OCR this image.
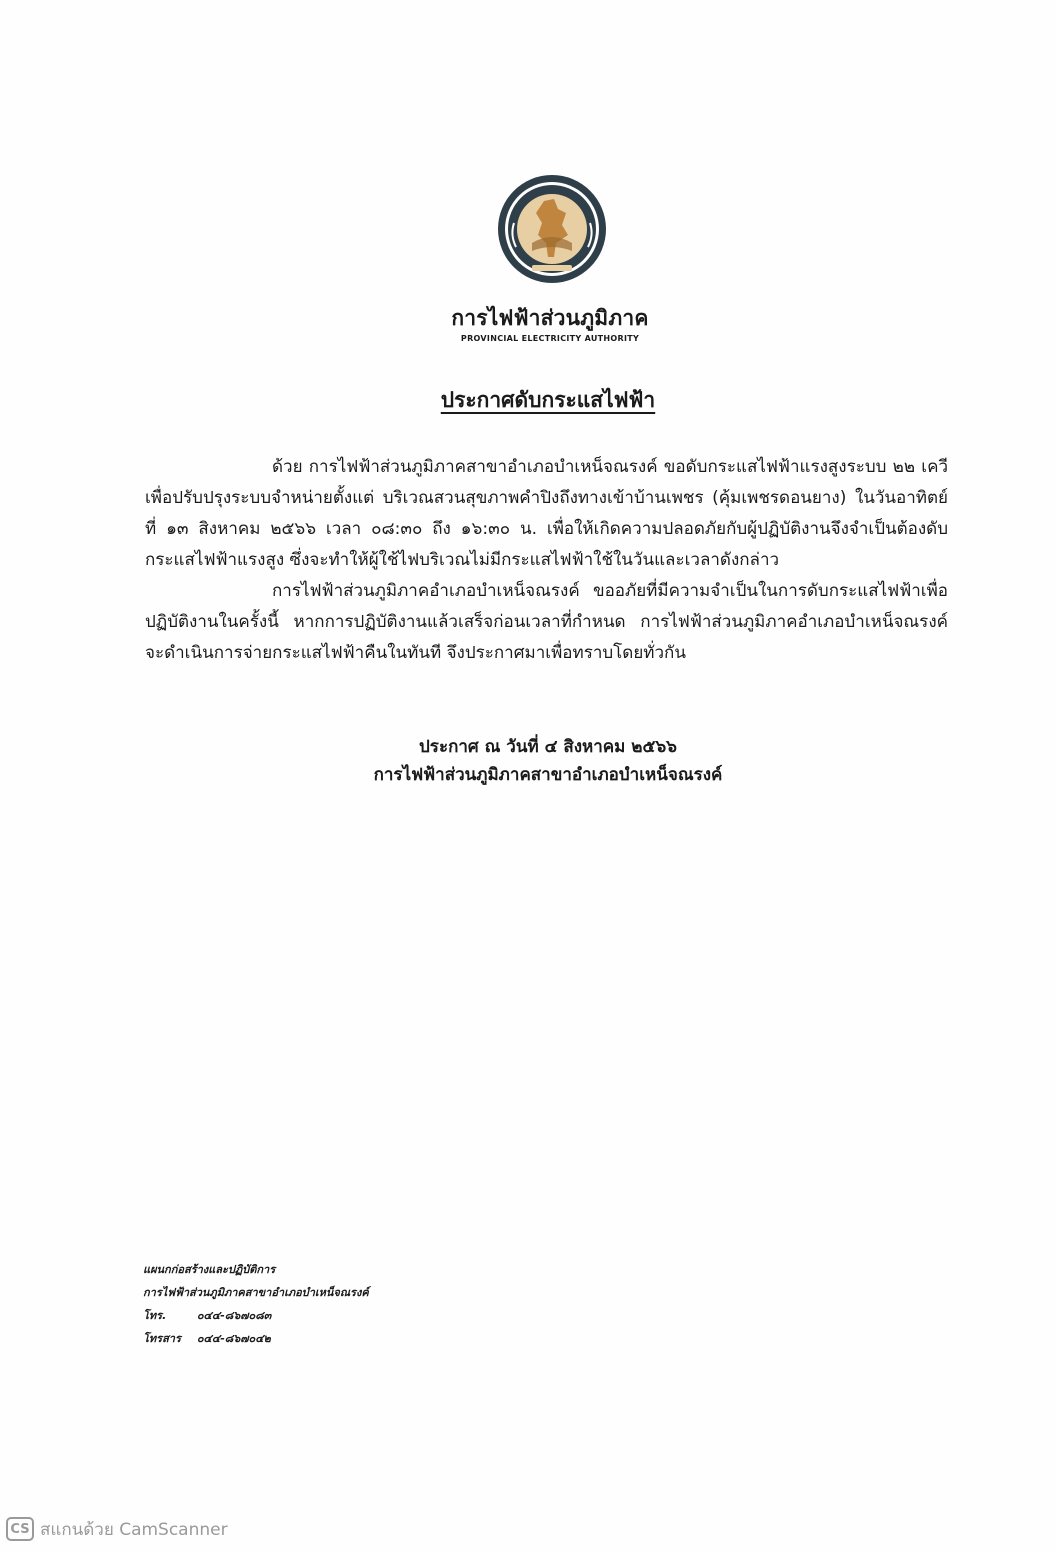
การไฟฟ้าส่วนภูมิภาค
PROVINCIAL ELECTRICITY AUTHORITY
ประกาศดับกระแสไฟฟ้า

ด้วย การไฟฟ้าส่วนภูมิภาคสาขาอำเภอบำเหน็จณรงค์ ขอดับกระแสไฟฟ้าแรงสูงระบบ ๒๒ เควี เพื่อปรับปรุงระบบจำหน่ายตั้งแต่ บริเวณสวนสุขภาพคำปิงถึงทางเข้าบ้านเพชร (คุ้มเพชรดอนยาง) ในวันอาทิตย์ ที่ ๑๓ สิงหาคม ๒๕๖๖ เวลา ๐๘:๓๐ ถึง ๑๖:๓๐ น. เพื่อให้เกิดความปลอดภัยกับผู้ปฏิบัติงานจึงจำเป็นต้องดับกระแสไฟฟ้าแรงสูง ซึ่งจะทำให้ผู้ใช้ไฟบริเวณไม่มีกระแสไฟฟ้าใช้ในวันและเวลาดังกล่าว

การไฟฟ้าส่วนภูมิภาคอำเภอบำเหน็จณรงค์ ขออภัยที่มีความจำเป็นในการดับกระแสไฟฟ้าเพื่อปฏิบัติงานในครั้งนี้ หากการปฏิบัติงานแล้วเสร็จก่อนเวลาที่กำหนด การไฟฟ้าส่วนภูมิภาคอำเภอบำเหน็จณรงค์จะดำเนินการจ่ายกระแสไฟฟ้าคืนในทันที จึงประกาศมาเพื่อทราบโดยทั่วกัน

ประกาศ ณ วันที่ ๔ สิงหาคม ๒๕๖๖
การไฟฟ้าส่วนภูมิภาคสาขาอำเภอบำเหน็จณรงค์
แผนกก่อสร้างและปฏิบัติการ
การไฟฟ้าส่วนภูมิภาคสาขาอำเภอบำเหน็จณรงค์
โทร.	๐๔๔-๘๖๗๐๘๓
โทรสาร ๐๔๔-๘๖๗๐๔๒
CS สแกนด้วย CamScanner
